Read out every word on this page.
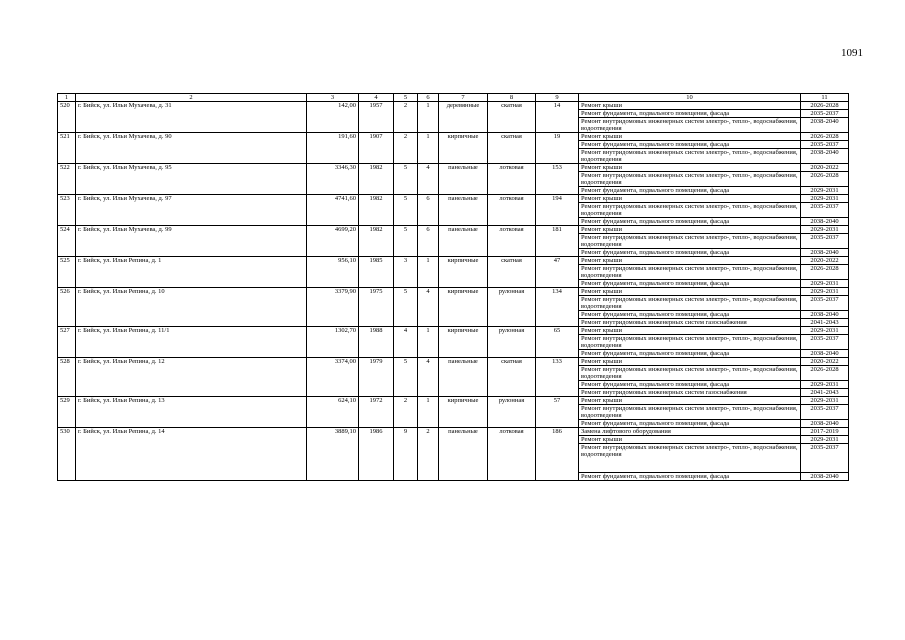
1091
1	2	3	4	5	6	7	8	9	10	11
520	г. Бийск, ул. Ильи Мухачева, д. 31	142,00	1957	2	1	деревянные	скатная	14	Ремонт крыши	2026-2028
									Ремонт фундамента, подвального помещения, фасада	2035-2037
									Ремонт внутридомовых инженерных систем электро-, тепло-, водоснабжения, водоотведения	2038-2040
521	г. Бийск, ул. Ильи Мухачева, д. 90	191,60	1907	2	1	кирпичные	скатная	19	Ремонт крыши	2026-2028
									Ремонт фундамента, подвального помещения, фасада	2035-2037
									Ремонт внутридомовых инженерных систем электро-, тепло-, водоснабжения, водоотведения	2038-2040
522	г. Бийск, ул. Ильи Мухачева, д. 95	3346,30	1982	5	4	панельные	лотковая	153	Ремонт крыши	2020-2022
									Ремонт внутридомовых инженерных систем электро-, тепло-, водоснабжения, водоотведения	2026-2028
									Ремонт фундамента, подвального помещения, фасада	2029-2031
523	г. Бийск, ул. Ильи Мухачева, д. 97	4741,60	1982	5	6	панельные	лотковая	194	Ремонт крыши	2029-2031
									Ремонт внутридомовых инженерных систем электро-, тепло-, водоснабжения, водоотведения	2035-2037
									Ремонт фундамента, подвального помещения, фасада	2038-2040
524	г. Бийск, ул. Ильи Мухачева, д. 99	4699,20	1982	5	6	панельные	лотковая	181	Ремонт крыши	2029-2031
									Ремонт внутридомовых инженерных систем электро-, тепло-, водоснабжения, водоотведения	2035-2037
									Ремонт фундамента, подвального помещения, фасада	2038-2040
525	г. Бийск, ул. Ильи Репина, д. 1	956,10	1985	3	1	кирпичные	скатная	47	Ремонт крыши	2020-2022
									Ремонт внутридомовых инженерных систем электро-, тепло-, водоснабжения, водоотведения	2026-2028
									Ремонт фундамента, подвального помещения, фасада	2029-2031
526	г. Бийск, ул. Ильи Репина, д. 10	3379,90	1975	5	4	кирпичные	рулонная	134	Ремонт крыши	2029-2031
									Ремонт внутридомовых инженерных систем электро-, тепло-, водоснабжения, водоотведения	2035-2037
									Ремонт фундамента, подвального помещения, фасада	2038-2040
									Ремонт внутридомовых инженерных систем газоснабжения	2041-2043
527	г. Бийск, ул. Ильи Репина, д. 11/1	1302,70	1988	4	1	кирпичные	рулонная	65	Ремонт крыши	2029-2031
									Ремонт внутридомовых инженерных систем электро-, тепло-, водоснабжения, водоотведения	2035-2037
									Ремонт фундамента, подвального помещения, фасада	2038-2040
528	г. Бийск, ул. Ильи Репина, д. 12	3374,00	1979	5	4	панельные	скатная	133	Ремонт крыши	2020-2022
									Ремонт внутридомовых инженерных систем электро-, тепло-, водоснабжения, водоотведения	2026-2028
									Ремонт фундамента, подвального помещения, фасада	2029-2031
									Ремонт внутридомовых инженерных систем газоснабжения	2041-2043
529	г. Бийск, ул. Ильи Репина, д. 13	624,10	1972	2	1	кирпичные	рулонная	57	Ремонт крыши	2029-2031
									Ремонт внутридомовых инженерных систем электро-, тепло-, водоснабжения, водоотведения	2035-2037
									Ремонт фундамента, подвального помещения, фасада	2038-2040
530	г. Бийск, ул. Ильи Репина, д. 14	3889,10	1986	9	2	панельные	лотковая	186	Замена лифтового оборудования	2017-2019
									Ремонт крыши	2029-2031
									Ремонт внутридомовых инженерных систем электро-, тепло-, водоснабжения, водоотведения	2035-2037
									Ремонт фундамента, подвального помещения, фасада	2038-2040
